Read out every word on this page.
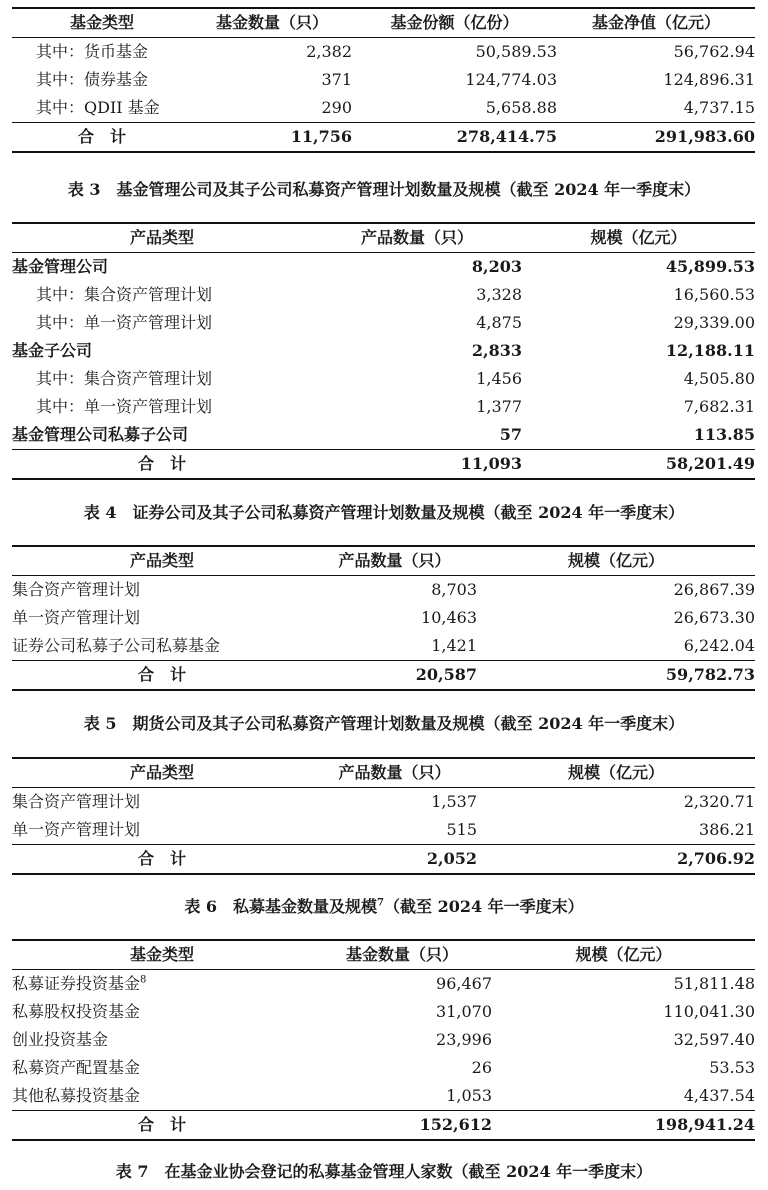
基金类型	基金数量（只）	基金份额（亿份）	基金净值（亿元）
其中：货币基金	2,382	50,589.53	56,762.94
其中：债券基金	371	124,774.03	124,896.31
其中：QDII 基金	290	5,658.88	4,737.15
合　计	11,756	278,414.75	291,983.60
表 3　基金管理公司及其子公司私募资产管理计划数量及规模（截至 2024 年一季度末）
产品类型	产品数量（只）	规模（亿元）
基金管理公司	8,203	45,899.53
其中：集合资产管理计划	3,328	16,560.53
其中：单一资产管理计划	4,875	29,339.00
基金子公司	2,833	12,188.11
其中：集合资产管理计划	1,456	4,505.80
其中：单一资产管理计划	1,377	7,682.31
基金管理公司私募子公司	57	113.85
合　计	11,093	58,201.49
表 4　证券公司及其子公司私募资产管理计划数量及规模（截至 2024 年一季度末）
产品类型	产品数量（只）	规模（亿元）
集合资产管理计划	8,703	26,867.39
单一资产管理计划	10,463	26,673.30
证券公司私募子公司私募基金	1,421	6,242.04
合　计	20,587	59,782.73
表 5　期货公司及其子公司私募资产管理计划数量及规模（截至 2024 年一季度末）
产品类型	产品数量（只）	规模（亿元）
集合资产管理计划	1,537	2,320.71
单一资产管理计划	515	386.21
合　计	2,052	2,706.92
表 6　私募基金数量及规模$^7$（截至 2024 年一季度末）
基金类型	基金数量（只）	规模（亿元）
私募证券投资基金$^8$	96,467	51,811.48
私募股权投资基金	31,070	110,041.30
创业投资基金	23,996	32,597.40
私募资产配置基金	26	53.53
其他私募投资基金	1,053	4,437.54
合　计	152,612	198,941.24
表 7　在基金业协会登记的私募基金管理人家数（截至 2024 年一季度末）
